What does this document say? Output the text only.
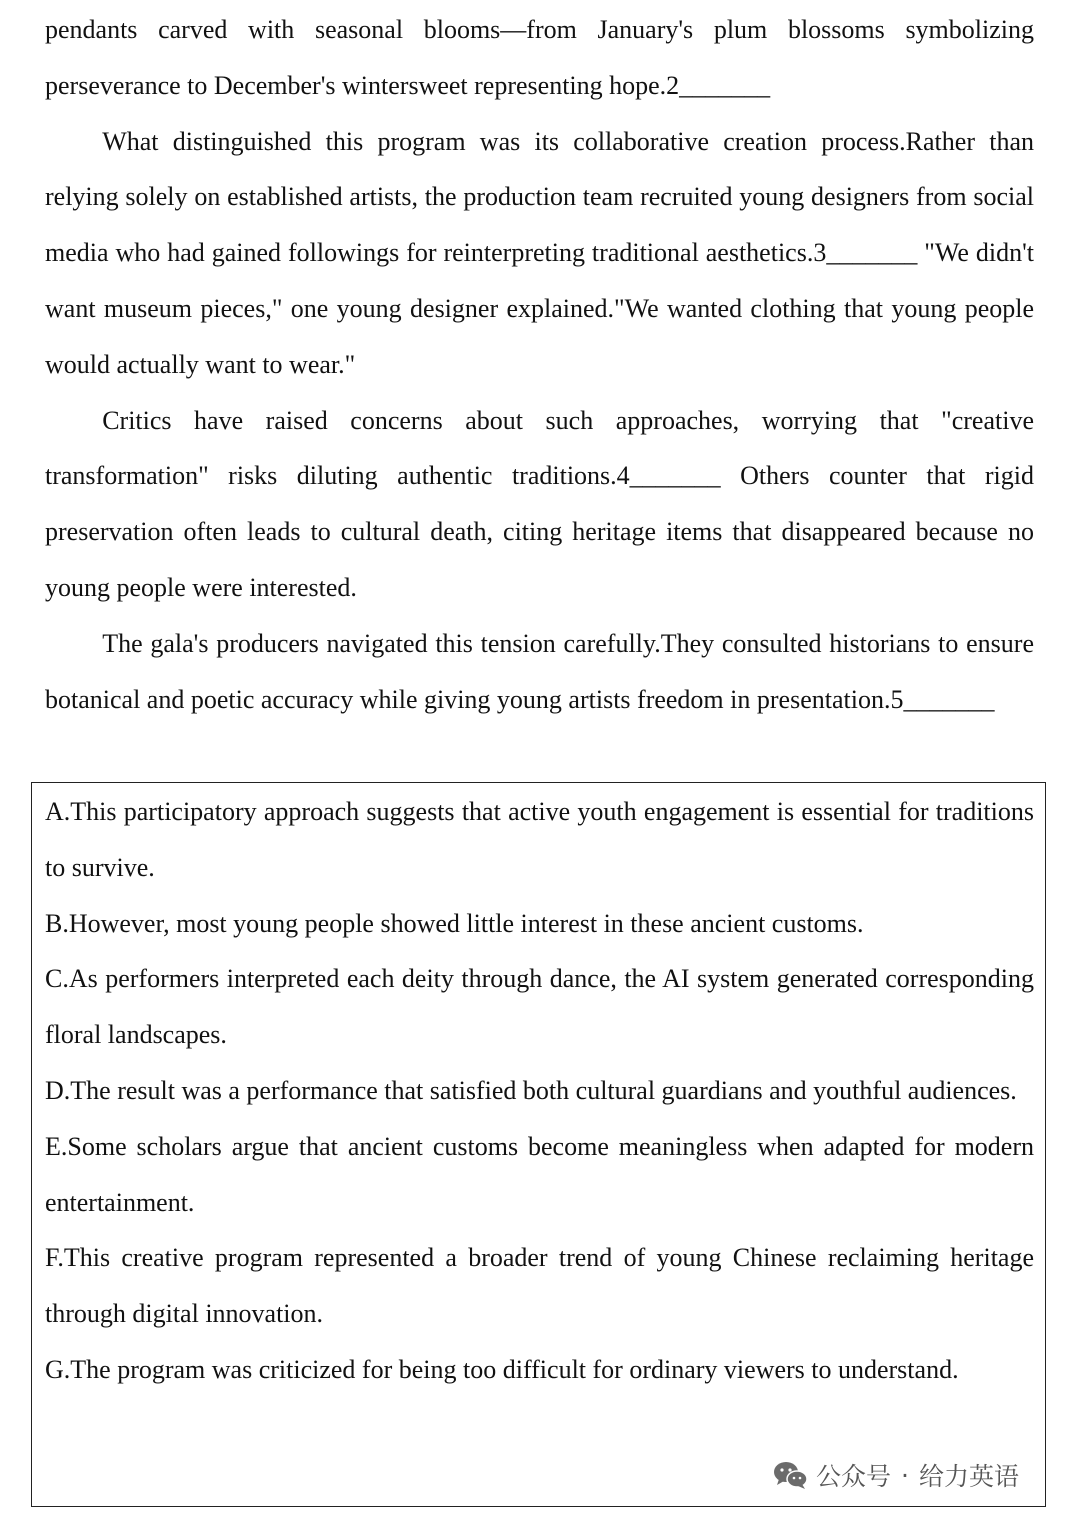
pendants carved with seasonal blooms—from January's plum blossoms symbolizing perseverance to December's wintersweet representing hope.2_______

What distinguished this program was its collaborative creation process.Rather than relying solely on established artists, the production team recruited young designers from social media who had gained followings for reinterpreting traditional aesthetics.3_______ "We didn't want museum pieces," one young designer explained."We wanted clothing that young people would actually want to wear."

Critics have raised concerns about such approaches, worrying that "creative transformation" risks diluting authentic traditions.4_______ Others counter that rigid preservation often leads to cultural death, citing heritage items that disappeared because no young people were interested.

The gala's producers navigated this tension carefully.They consulted historians to ensure botanical and poetic accuracy while giving young artists freedom in presentation.5_______

A.This participatory approach suggests that active youth engagement is essential for traditions to survive.

B.However, most young people showed little interest in these ancient customs.

C.As performers interpreted each deity through dance, the AI system generated corresponding floral landscapes.

D.The result was a performance that satisfied both cultural guardians and youthful audiences.

E.Some scholars argue that ancient customs become meaningless when adapted for modern entertainment.

F.This creative program represented a broader trend of young Chinese reclaiming heritage through digital innovation.

G.The program was criticized for being too difficult for ordinary viewers to understand.

公众号 · 给力英语
